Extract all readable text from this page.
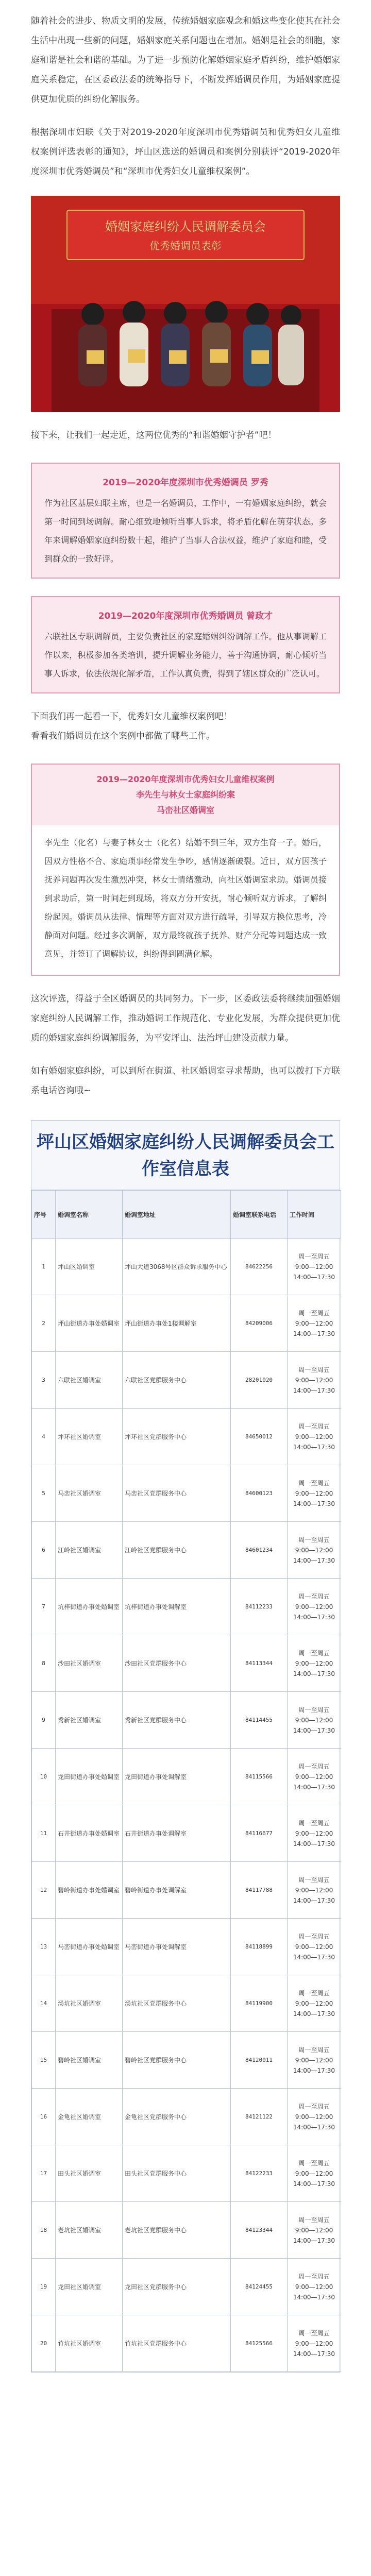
随着社会的进步、物质文明的发展，传统婚姻家庭观念和婚这些变化使其在社会生活中出现一些新的问题，婚姻家庭关系问题也在增加。婚姻是社会的细胞，家庭和谐是社会和谐的基础。为了进一步预防化解婚姻家庭矛盾纠纷，维护婚姻家庭关系稳定，在区委政法委的统筹指导下，不断发挥婚调员作用，为婚姻家庭提供更加优质的纠纷化解服务。

根据深圳市妇联《关于对2019-2020年度深圳市优秀婚调员和优秀妇女儿童维权案例评选表彰的通知》，坪山区选送的婚调员和案例分别获评“2019-2020年度深圳市优秀婚调员”和“深圳市优秀妇女儿童维权案例”。

婚姻家庭纠纷人民调解委员会
优秀婚调员表彰

接下来，让我们一起走近，这两位优秀的“和谐婚姻守护者”吧！

2019—2020年度深圳市优秀婚调员 罗秀
作为社区基层妇联主席，也是一名婚调员，工作中，一有婚姻家庭纠纷，就会第一时间到场调解。耐心细致地倾听当事人诉求，将矛盾化解在萌芽状态。多年来调解婚姻家庭纠纷数十起，维护了当事人合法权益，维护了家庭和睦，受到群众的一致好评。
2019—2020年度深圳市优秀婚调员 曾政才
六联社区专职调解员，主要负责社区的家庭婚姻纠纷调解工作。他从事调解工作以来，积极参加各类培训，提升调解业务能力，善于沟通协调，耐心倾听当事人诉求，依法依规化解矛盾，工作认真负责，得到了辖区群众的广泛认可。

下面我们再一起看一下，优秀妇女儿童维权案例吧！

看看我们婚调员在这个案例中都做了哪些工作。

2019—2020年度深圳市优秀妇女儿童维权案例
李先生与林女士家庭纠纷案
马峦社区婚调室
李先生（化名）与妻子林女士（化名）结婚不到三年，双方生育一子。婚后，因双方性格不合、家庭琐事经常发生争吵，感情逐渐破裂。近日，双方因孩子抚养问题再次发生激烈冲突，林女士情绪激动，向社区婚调室求助。婚调员接到求助后，第一时间赶到现场，将双方分开安抚，耐心倾听双方诉求，了解纠纷起因。婚调员从法律、情理等方面对双方进行疏导，引导双方换位思考，冷静面对问题。经过多次调解，双方最终就孩子抚养、财产分配等问题达成一致意见，并签订了调解协议，纠纷得到圆满化解。

这次评选，得益于全区婚调员的共同努力。下一步，区委政法委将继续加强婚姻家庭纠纷人民调解工作，推动婚调工作规范化、专业化发展，为群众提供更加优质的婚姻家庭纠纷调解服务，为平安坪山、法治坪山建设贡献力量。

如有婚姻家庭纠纷，可以到所在街道、社区婚调室寻求帮助，也可以拨打下方联系电话咨询哦~

坪山区婚姻家庭纠纷人民调解委员会工作室信息表
序号	婚调室名称	婚调室地址	婚调室联系电话	工作时间
1	坪山区婚调室	坪山大道3068号区群众诉求服务中心	84622256	周一至周五
9:00—12:00
14:00—17:30
2	坪山街道办事处婚调室	坪山街道办事处1楼调解室	84209006	周一至周五
9:00—12:00
14:00—17:30
3	六联社区婚调室	六联社区党群服务中心	28201020	周一至周五
9:00—12:00
14:00—17:30
4	坪环社区婚调室	坪环社区党群服务中心	84650012	周一至周五
9:00—12:00
14:00—17:30
5	马峦社区婚调室	马峦社区党群服务中心	84600123	周一至周五
9:00—12:00
14:00—17:30
6	江岭社区婚调室	江岭社区党群服务中心	84601234	周一至周五
9:00—12:00
14:00—17:30
7	坑梓街道办事处婚调室	坑梓街道办事处调解室	84112233	周一至周五
9:00—12:00
14:00—17:30
8	沙田社区婚调室	沙田社区党群服务中心	84113344	周一至周五
9:00—12:00
14:00—17:30
9	秀新社区婚调室	秀新社区党群服务中心	84114455	周一至周五
9:00—12:00
14:00—17:30
10	龙田街道办事处婚调室	龙田街道办事处调解室	84115566	周一至周五
9:00—12:00
14:00—17:30
11	石井街道办事处婚调室	石井街道办事处调解室	84116677	周一至周五
9:00—12:00
14:00—17:30
12	碧岭街道办事处婚调室	碧岭街道办事处调解室	84117788	周一至周五
9:00—12:00
14:00—17:30
13	马峦街道办事处婚调室	马峦街道办事处调解室	84118899	周一至周五
9:00—12:00
14:00—17:30
14	汤坑社区婚调室	汤坑社区党群服务中心	84119900	周一至周五
9:00—12:00
14:00—17:30
15	碧岭社区婚调室	碧岭社区党群服务中心	84120011	周一至周五
9:00—12:00
14:00—17:30
16	金龟社区婚调室	金龟社区党群服务中心	84121122	周一至周五
9:00—12:00
14:00—17:30
17	田头社区婚调室	田头社区党群服务中心	84122233	周一至周五
9:00—12:00
14:00—17:30
18	老坑社区婚调室	老坑社区党群服务中心	84123344	周一至周五
9:00—12:00
14:00—17:30
19	龙田社区婚调室	龙田社区党群服务中心	84124455	周一至周五
9:00—12:00
14:00—17:30
20	竹坑社区婚调室	竹坑社区党群服务中心	84125566	周一至周五
9:00—12:00
14:00—17:30
